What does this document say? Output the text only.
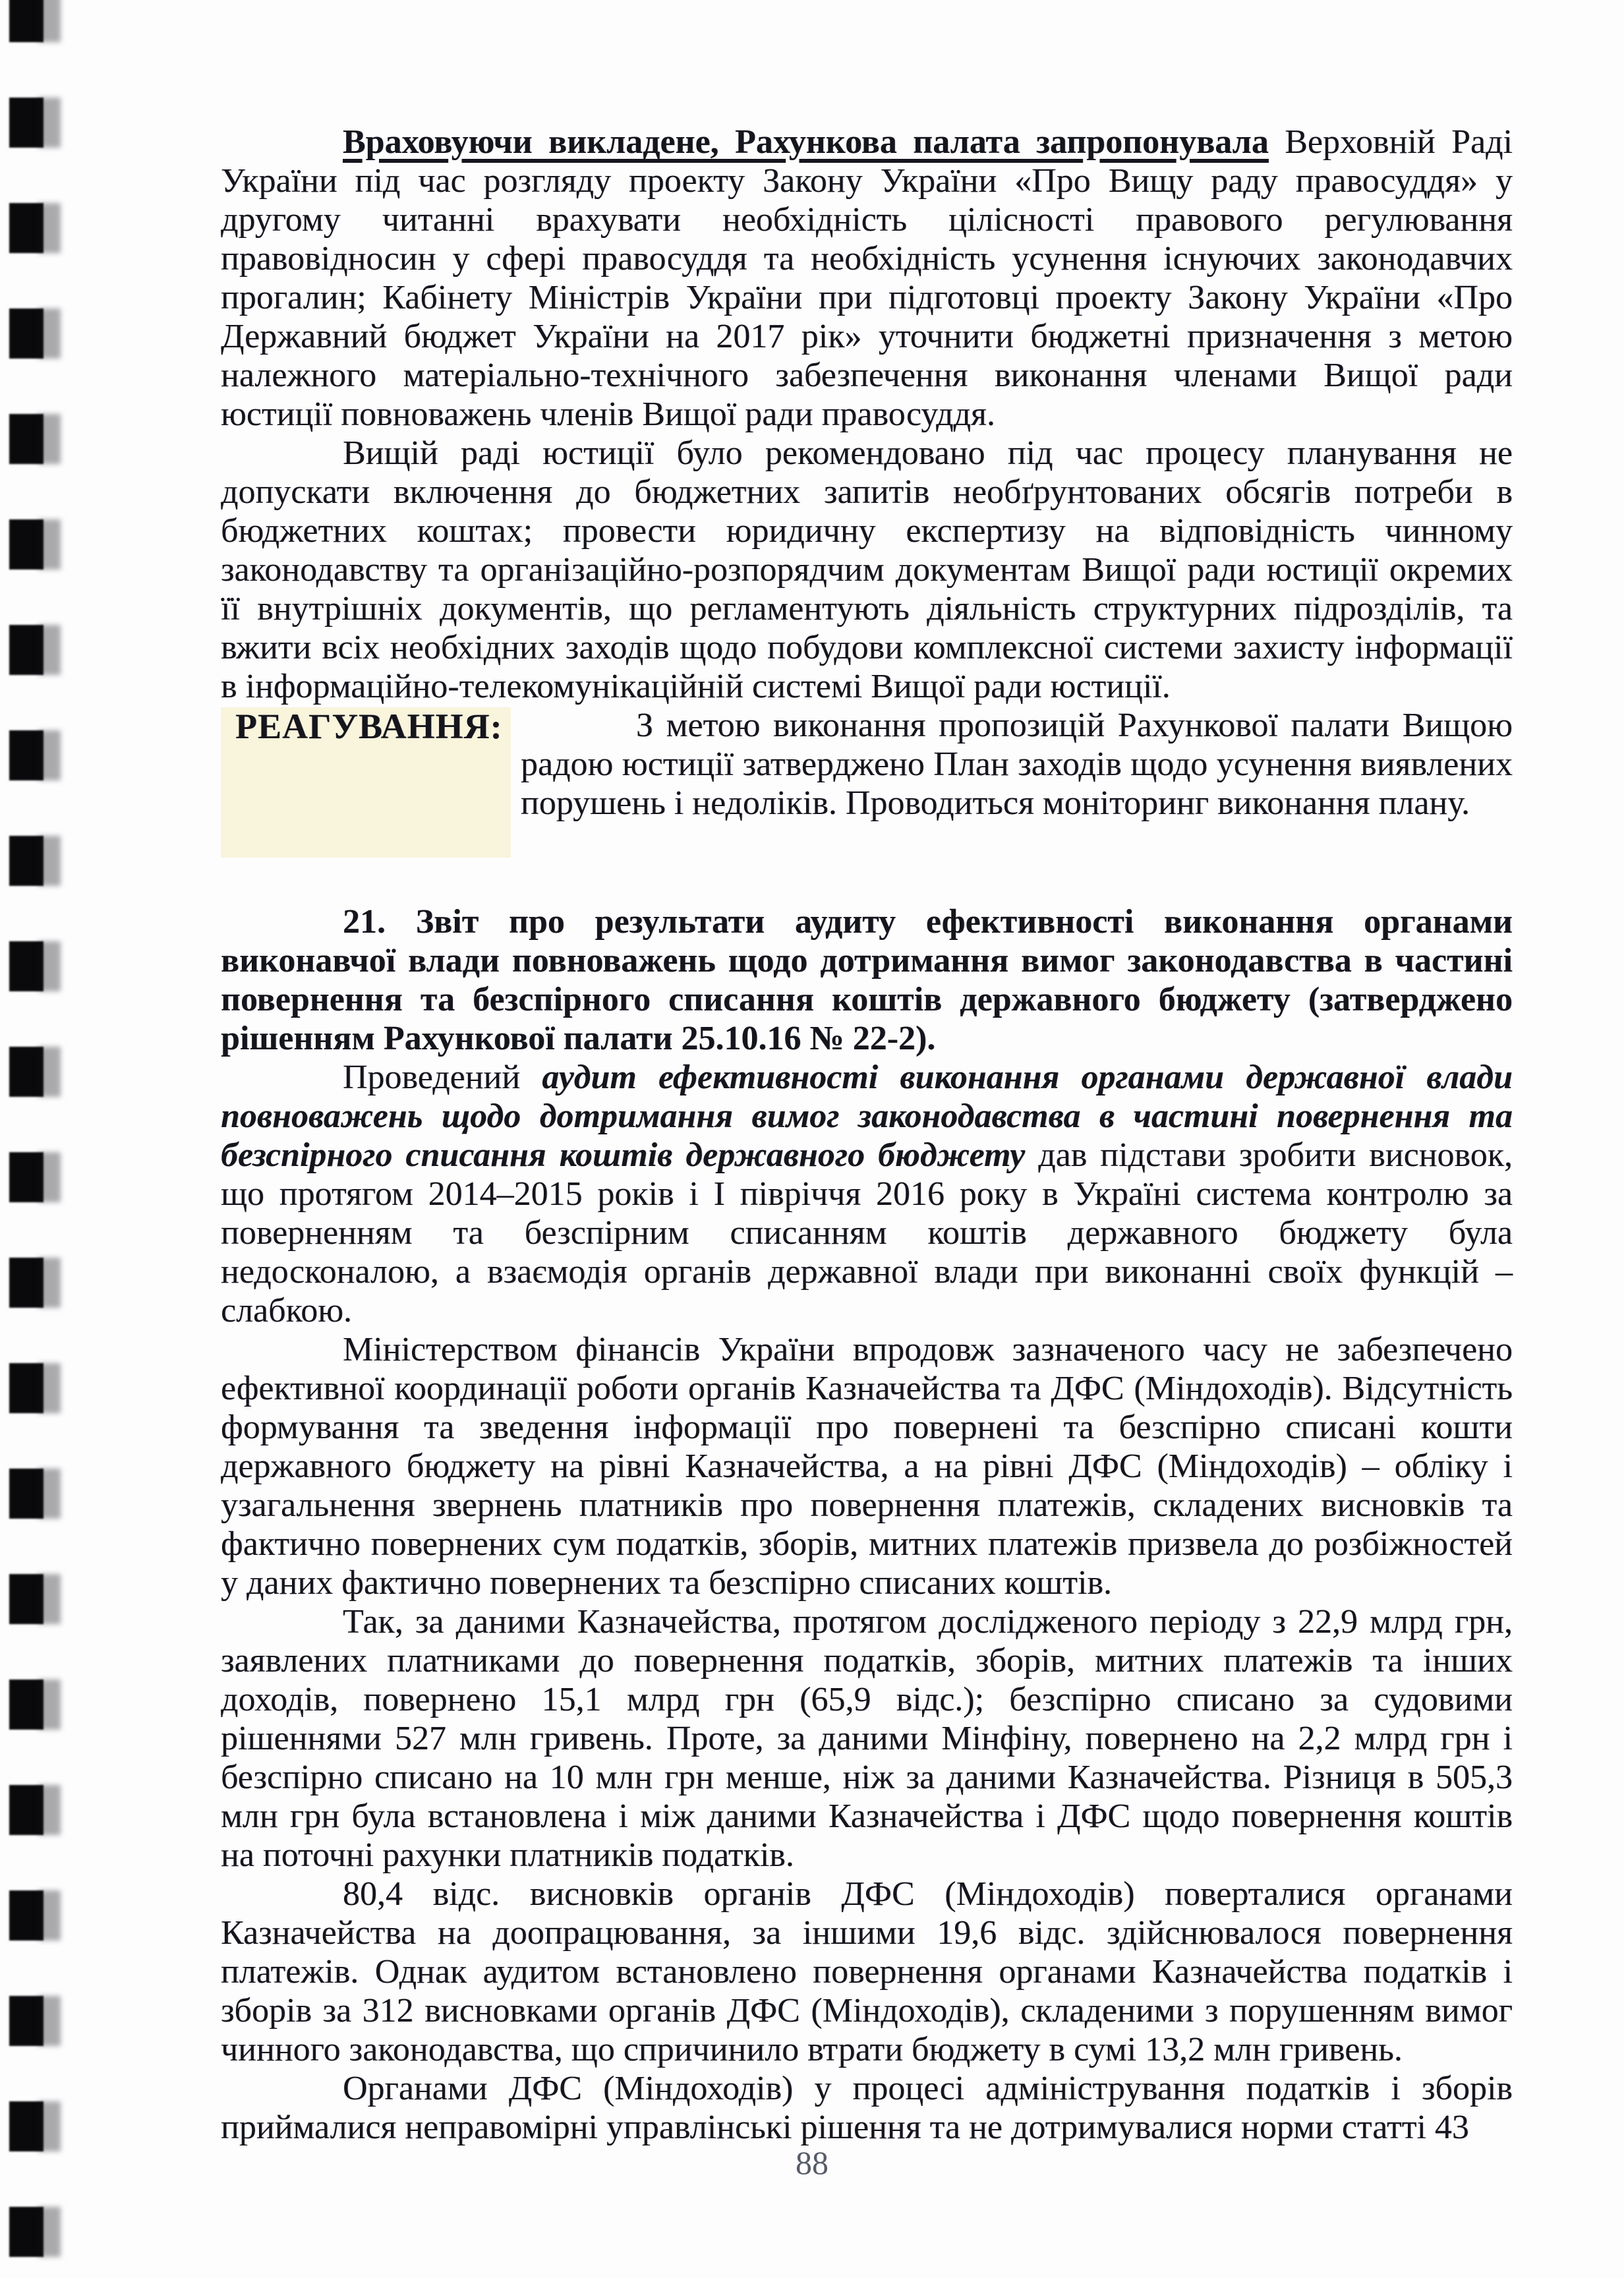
Враховуючи викладене, Рахункова палата запропонувала Верховній Раді України під час розгляду проекту Закону України «Про Вищу раду правосуддя» у другому читанні врахувати необхідність цілісності правового регулювання правовідносин у сфері правосуддя та необхідність усунення існуючих законодавчих прогалин; Кабінету Міністрів України при підготовці проекту Закону України «Про Державний бюджет України на 2017 рік» уточнити бюджетні призначення з метою належного матеріально-технічного забезпечення виконання членами Вищої ради юстиції повноважень членів Вищої ради правосуддя.

Вищій раді юстиції було рекомендовано під час процесу планування не допускати включення до бюджетних запитів необґрунтованих обсягів потреби в бюджетних коштах; провести юридичну експертизу на відповідність чинному законодавству та організаційно-розпорядчим документам Вищої ради юстиції окремих її внутрішніх документів, що регламентують діяльність структурних підрозділів, та вжити всіх необхідних заходів щодо побудови комплексної системи захисту інформації в інформаційно-телекомунікаційній системі Вищої ради юстиції.

РЕАГУВАННЯ:	З метою виконання пропозицій Рахункової палати Вищою радою юстиції затверджено План заходів щодо усунення виявлених порушень і недоліків. Проводиться моніторинг виконання плану.

21. Звіт про результати аудиту ефективності виконання органами виконавчої влади повноважень щодо дотримання вимог законодавства в частині повернення та безспірного списання коштів державного бюджету (затверджено рішенням Рахункової палати 25.10.16 № 22-2).

Проведений аудит ефективності виконання органами державної влади повноважень щодо дотримання вимог законодавства в частині повернення та безспірного списання коштів державного бюджету дав підстави зробити висновок, що протягом 2014–2015 років і І півріччя 2016 року в Україні система контролю за поверненням та безспірним списанням коштів державного бюджету була недосконалою, а взаємодія органів державної влади при виконанні своїх функцій – слабкою.

Міністерством фінансів України впродовж зазначеного часу не забезпечено ефективної координації роботи органів Казначейства та ДФС (Міндоходів). Відсутність формування та зведення інформації про повернені та безспірно списані кошти державного бюджету на рівні Казначейства, а на рівні ДФС (Міндоходів) – обліку і узагальнення звернень платників про повернення платежів, складених висновків та фактично повернених сум податків, зборів, митних платежів призвела до розбіжностей у даних фактично повернених та безспірно списаних коштів.

Так, за даними Казначейства, протягом дослідженого періоду з 22,9 млрд грн, заявлених платниками до повернення податків, зборів, митних платежів та інших доходів, повернено 15,1 млрд грн (65,9 відс.); безспірно списано за судовими рішеннями 527 млн гривень. Проте, за даними Мінфіну, повернено на 2,2 млрд грн і безспірно списано на 10 млн грн менше, ніж за даними Казначейства. Різниця в 505,3 млн грн була встановлена і між даними Казначейства і ДФС щодо повернення коштів на поточні рахунки платників податків.

80,4 відс. висновків органів ДФС (Міндоходів) поверталися органами Казначейства на доопрацювання, за іншими 19,6 відс. здійснювалося повернення платежів. Однак аудитом встановлено повернення органами Казначейства податків і зборів за 312 висновками органів ДФС (Міндоходів), складеними з порушенням вимог чинного законодавства, що спричинило втрати бюджету в сумі 13,2 млн гривень.

Органами ДФС (Міндоходів) у процесі адміністрування податків і зборів приймалися неправомірні управлінські рішення та не дотримувалися норми статті 43

88
